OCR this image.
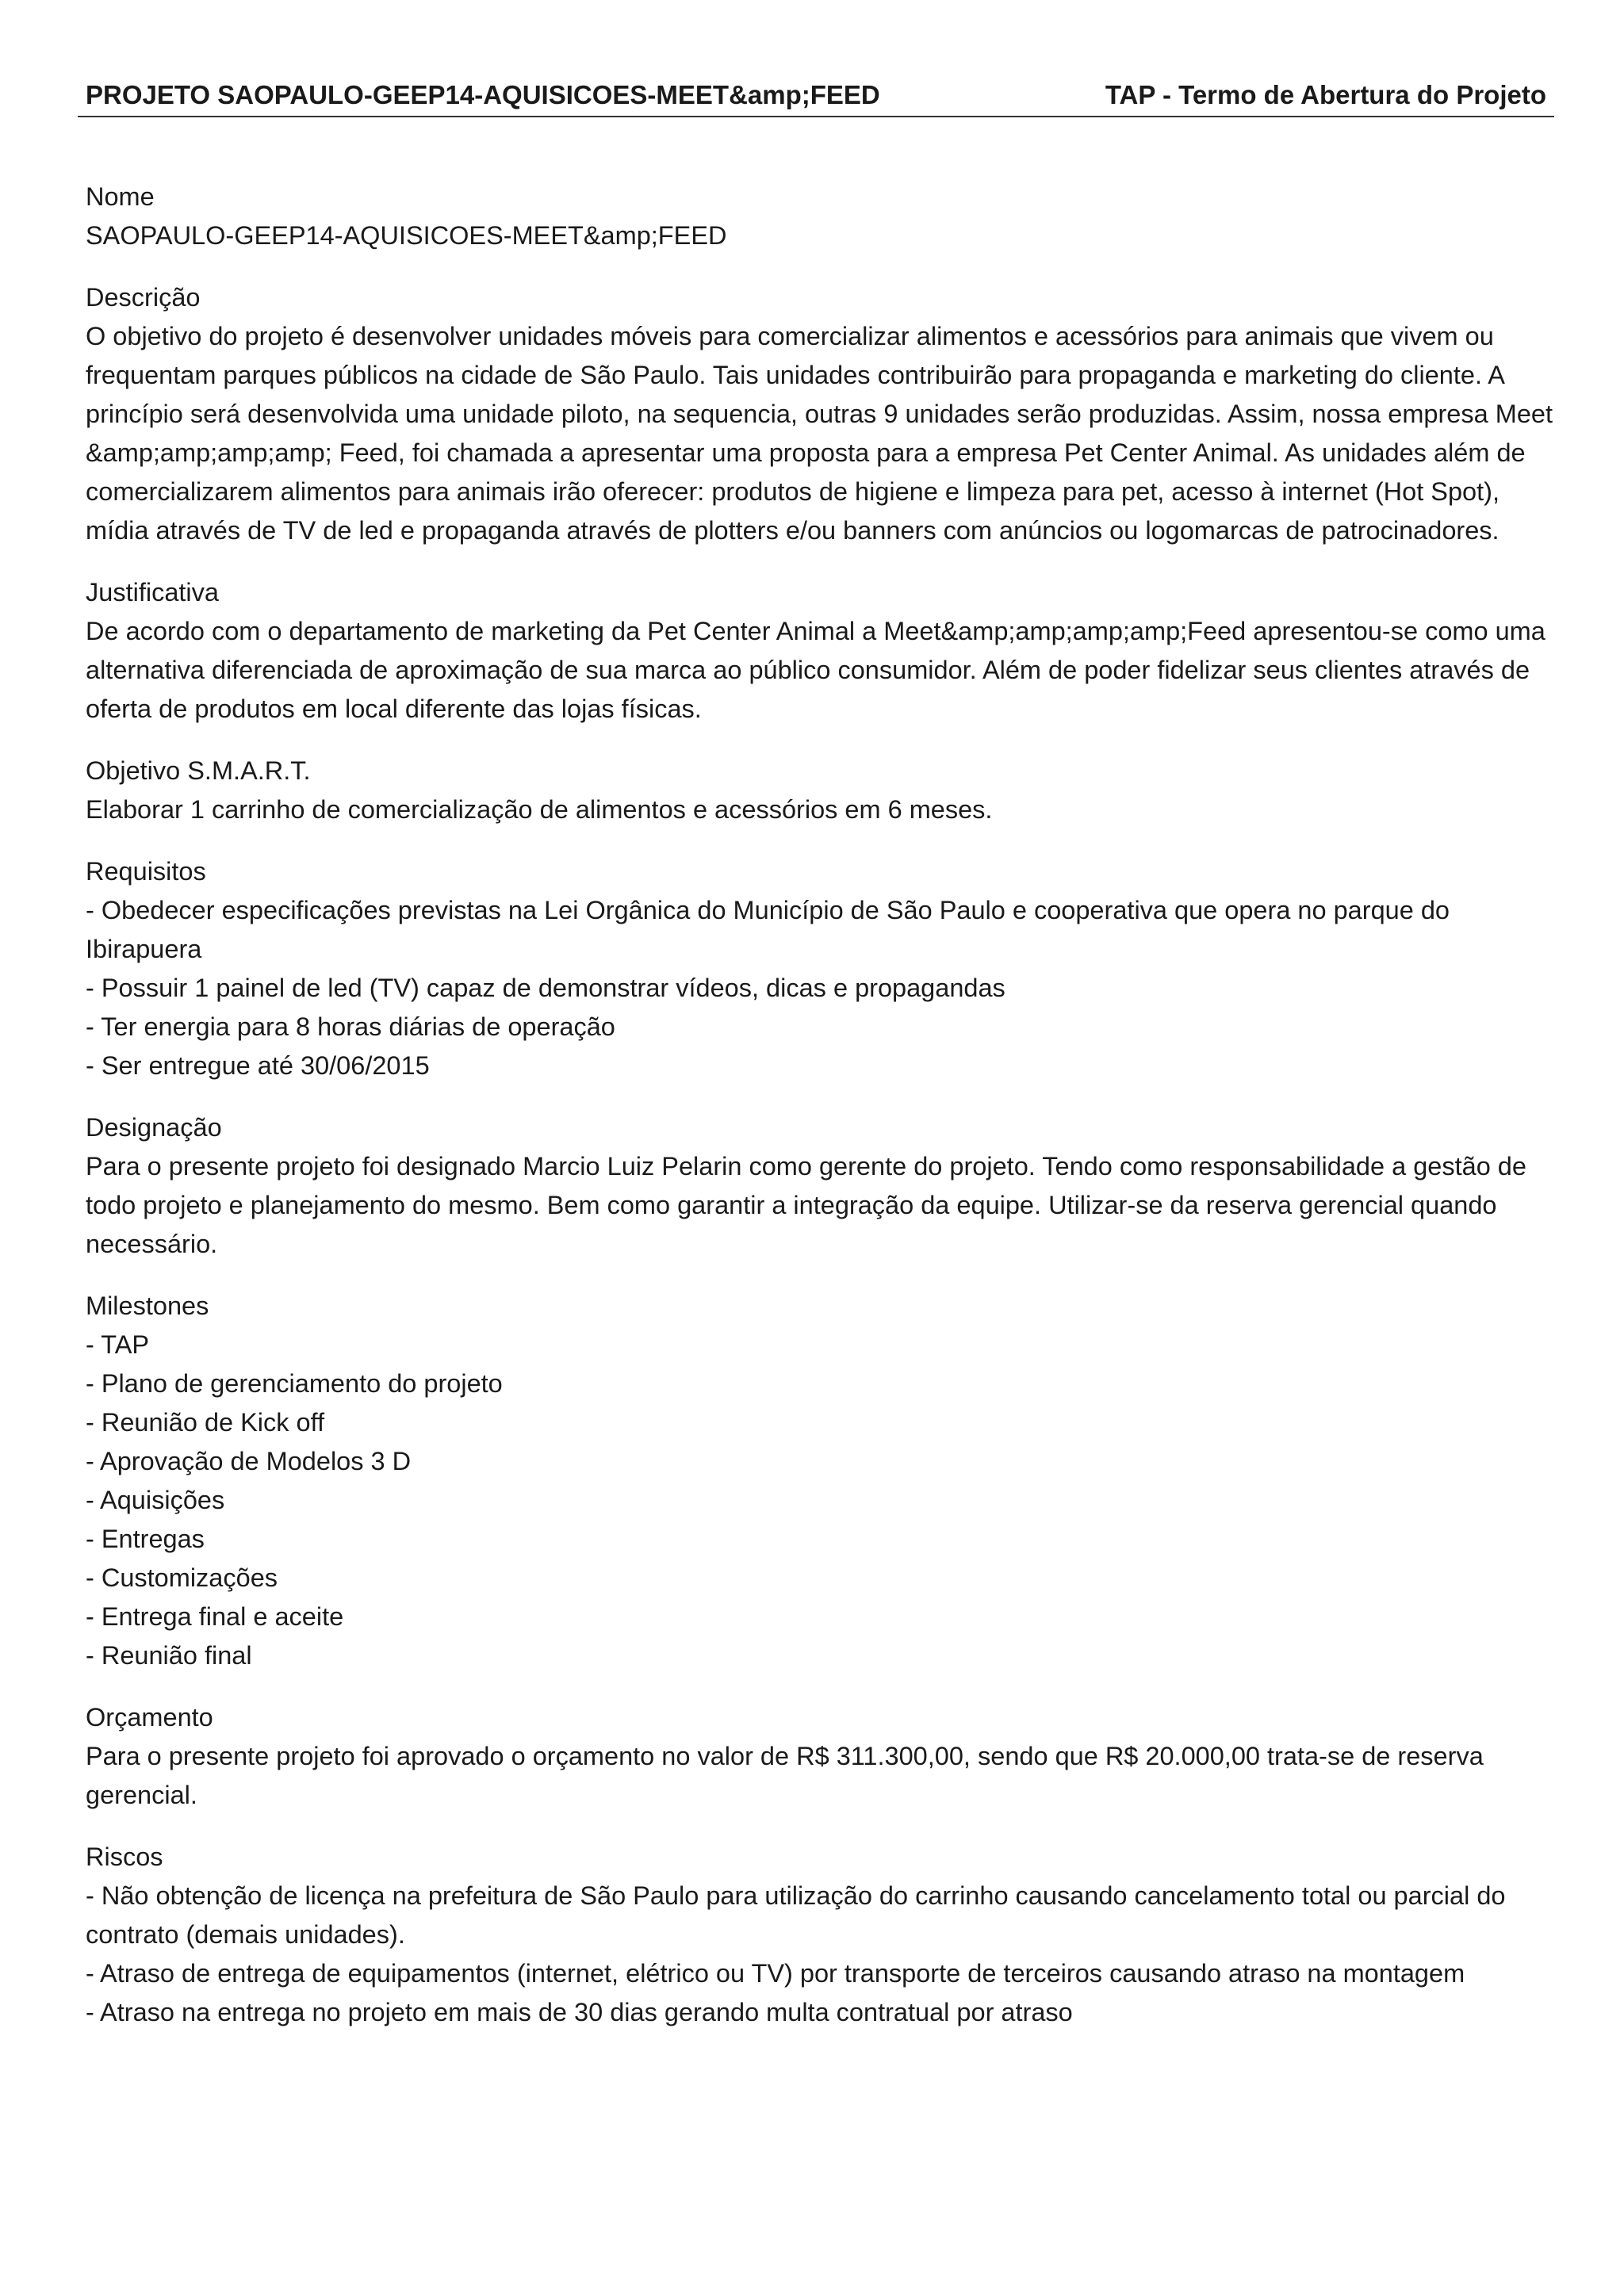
PROJETO SAOPAULO-GEEP14-AQUISICOES-MEET&amp;FEED	TAP - Termo de Abertura do Projeto

Nome

SAOPAULO-GEEP14-AQUISICOES-MEET&amp;FEED

Descrição

O objetivo do projeto é desenvolver unidades móveis para comercializar alimentos e acessórios para animais que vivem ou frequentam parques públicos na cidade de São Paulo. Tais unidades contribuirão para propaganda e marketing do cliente. A princípio será desenvolvida uma unidade piloto, na sequencia, outras 9 unidades serão produzidas. Assim, nossa empresa Meet &amp;amp;amp;amp; Feed, foi chamada a apresentar uma proposta para a empresa Pet Center Animal. As unidades além de comercializarem alimentos para animais irão oferecer: produtos de higiene e limpeza para pet, acesso à internet (Hot Spot), mídia através de TV de led e propaganda através de plotters e/ou banners com anúncios ou logomarcas de patrocinadores.

Justificativa

De acordo com o departamento de marketing da Pet Center Animal a Meet&amp;amp;amp;amp;Feed apresentou-se como uma alternativa diferenciada de aproximação de sua marca ao público consumidor. Além de poder fidelizar seus clientes através de oferta de produtos em local diferente das lojas físicas.

Objetivo S.M.A.R.T.

Elaborar 1 carrinho de comercialização de alimentos e acessórios em 6 meses.

Requisitos

- Obedecer especificações previstas na Lei Orgânica do Município de São Paulo e cooperativa que opera no parque do Ibirapuera

- Possuir 1 painel de led (TV) capaz de demonstrar vídeos, dicas e propagandas

- Ter energia para 8 horas diárias de operação

- Ser entregue até 30/06/2015

Designação

Para o presente projeto foi designado Marcio Luiz Pelarin como gerente do projeto. Tendo como responsabilidade a gestão de todo projeto e planejamento do mesmo. Bem como garantir a integração da equipe. Utilizar-se da reserva gerencial quando necessário.

Milestones

- TAP
- Plano de gerenciamento do projeto
- Reunião de Kick off
- Aprovação de Modelos 3 D
- Aquisições
- Entregas
- Customizações
- Entrega final e aceite
- Reunião final

Orçamento

Para o presente projeto foi aprovado o orçamento no valor de R$ 311.300,00, sendo que R$ 20.000,00 trata-se de reserva gerencial.

Riscos

- Não obtenção de licença na prefeitura de São Paulo para utilização do carrinho causando cancelamento total ou parcial do contrato (demais unidades).

- Atraso de entrega de equipamentos (internet, elétrico ou TV) por transporte de terceiros causando atraso na montagem

- Atraso na entrega no projeto em mais de 30 dias gerando multa contratual por atraso
